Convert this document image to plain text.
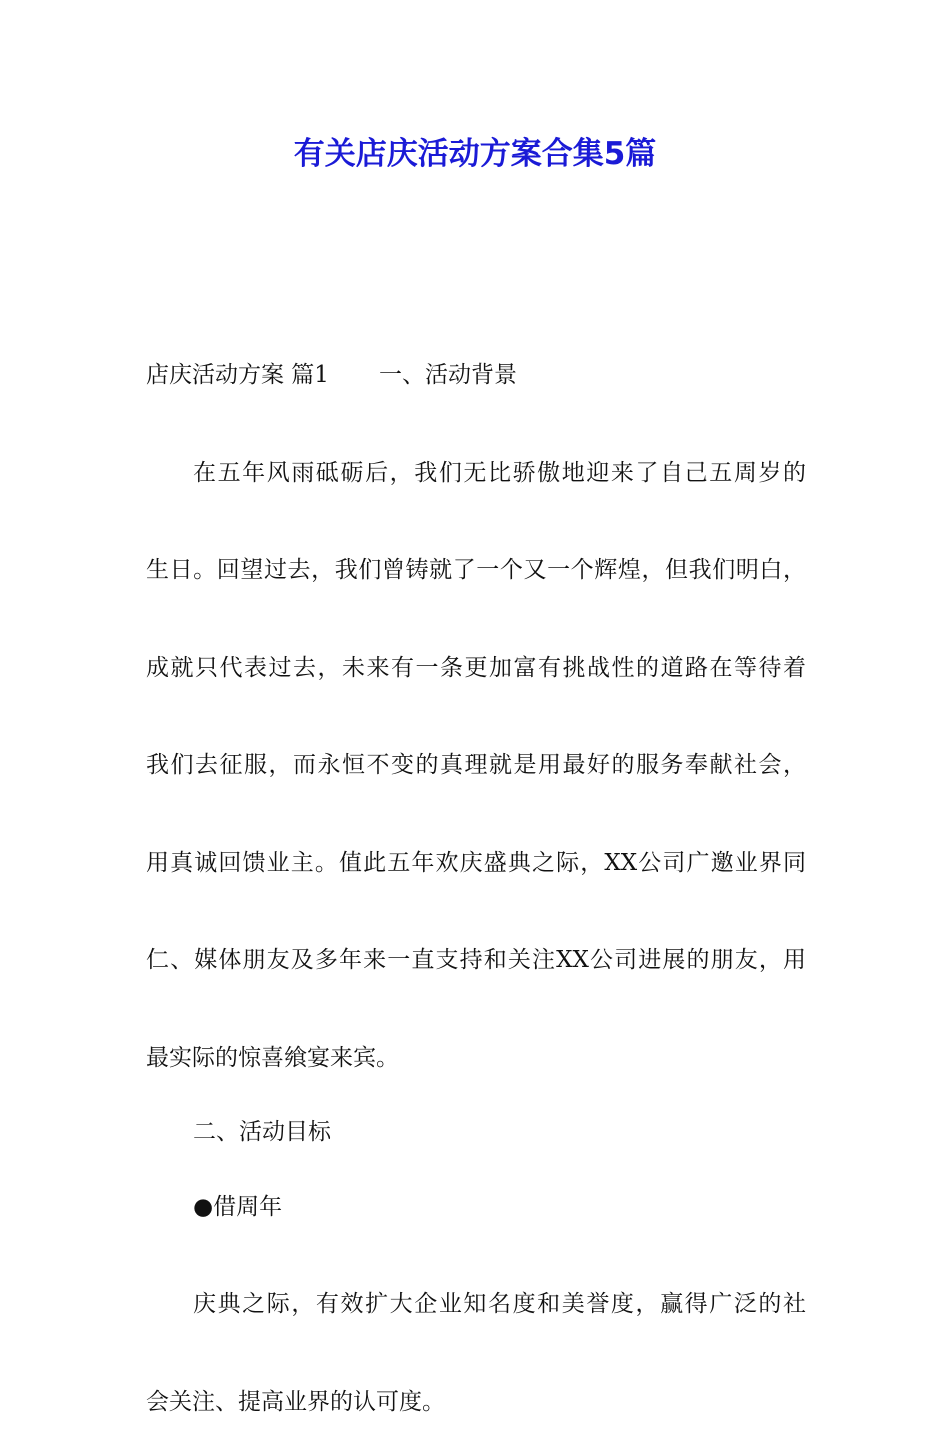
有关店庆活动方案合集5篇

店庆活动方案 篇1 一、活动背景

在五年风雨砥砺后，我们无比骄傲地迎来了自己五周岁的

生日。回望过去，我们曾铸就了一个又一个辉煌，但我们明白，

成就只代表过去，未来有一条更加富有挑战性的道路在等待着

我们去征服，而永恒不变的真理就是用最好的服务奉献社会，

用真诚回馈业主。值此五年欢庆盛典之际，XX公司广邀业界同

仁、媒体朋友及多年来一直支持和关注XX公司进展的朋友，用

最实际的惊喜飨宴来宾。

二、活动目标

●借周年

庆典之际，有效扩大企业知名度和美誉度，赢得广泛的社

会关注、提高业界的认可度。
